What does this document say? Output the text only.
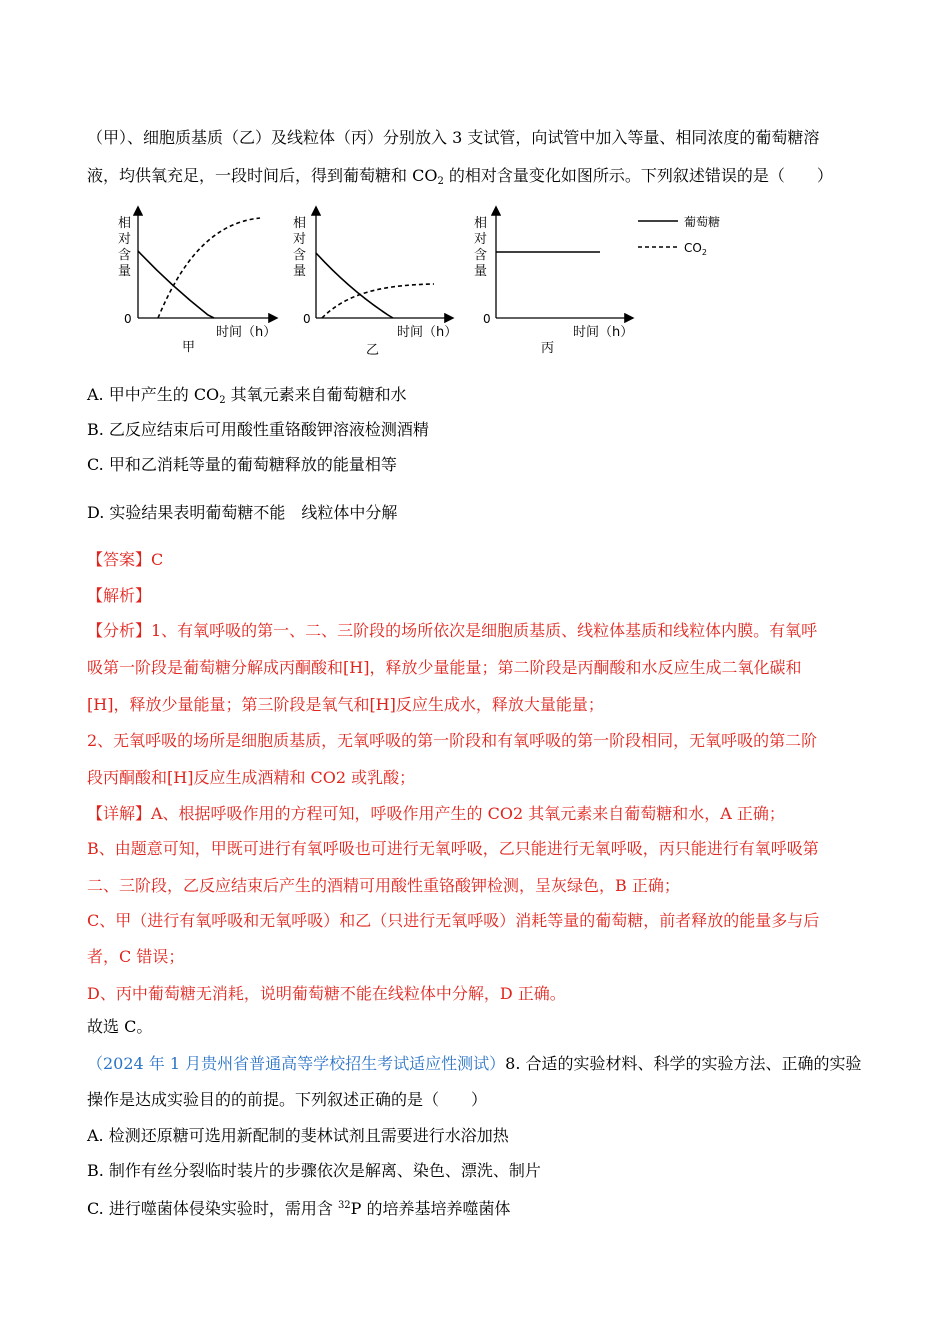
（甲）、细胞质基质（乙）及线粒体（丙）分别放入 3 支试管，向试管中加入等量、相同浓度的葡萄糖溶
液，均供氧充足，一段时间后，得到葡萄糖和 $CO_2$ 的相对含量变化如图所示。下列叙述错误的是（　　）
相
对
含
量
0
时间（h）
甲
相
对
含
量
0
时间（h）
乙
相
对
含
量
0
时间（h）
丙
葡萄糖
$CO_2$
A. 甲中产生的 $CO_2$ 其氧元素来自葡萄糖和水
B. 乙反应结束后可用酸性重铬酸钾溶液检测酒精
C. 甲和乙消耗等量的葡萄糖释放的能量相等
D. 实验结果表明葡萄糖不能　线粒体中分解
【答案】C
【解析】
【分析】1、有氧呼吸的第一、二、三阶段的场所依次是细胞质基质、线粒体基质和线粒体内膜。有氧呼
吸第一阶段是葡萄糖分解成丙酮酸和[H]，释放少量能量；第二阶段是丙酮酸和水反应生成二氧化碳和
[H]，释放少量能量；第三阶段是氧气和[H]反应生成水，释放大量能量；
2、无氧呼吸的场所是细胞质基质，无氧呼吸的第一阶段和有氧呼吸的第一阶段相同，无氧呼吸的第二阶
段丙酮酸和[H]反应生成酒精和 CO2 或乳酸；
【详解】A、根据呼吸作用的方程可知，呼吸作用产生的 CO2 其氧元素来自葡萄糖和水，A 正确；
B、由题意可知，甲既可进行有氧呼吸也可进行无氧呼吸，乙只能进行无氧呼吸，丙只能进行有氧呼吸第
二、三阶段，乙反应结束后产生的酒精可用酸性重铬酸钾检测，呈灰绿色，B 正确；
C、甲（进行有氧呼吸和无氧呼吸）和乙（只进行无氧呼吸）消耗等量的葡萄糖，前者释放的能量多与后
者，C 错误；
D、丙中葡萄糖无消耗，说明葡萄糖不能在线粒体中分解，D 正确。
故选 C。
（2024 年 1 月贵州省普通高等学校招生考试适应性测试）8. 合适的实验材料、科学的实验方法、正确的实验
操作是达成实验目的的前提。下列叙述正确的是（　　）
A. 检测还原糖可选用新配制的斐林试剂且需要进行水浴加热
B. 制作有丝分裂临时装片的步骤依次是解离、染色、漂洗、制片
C. 进行噬菌体侵染实验时，需用含 $^{32}$P 的培养基培养噬菌体
